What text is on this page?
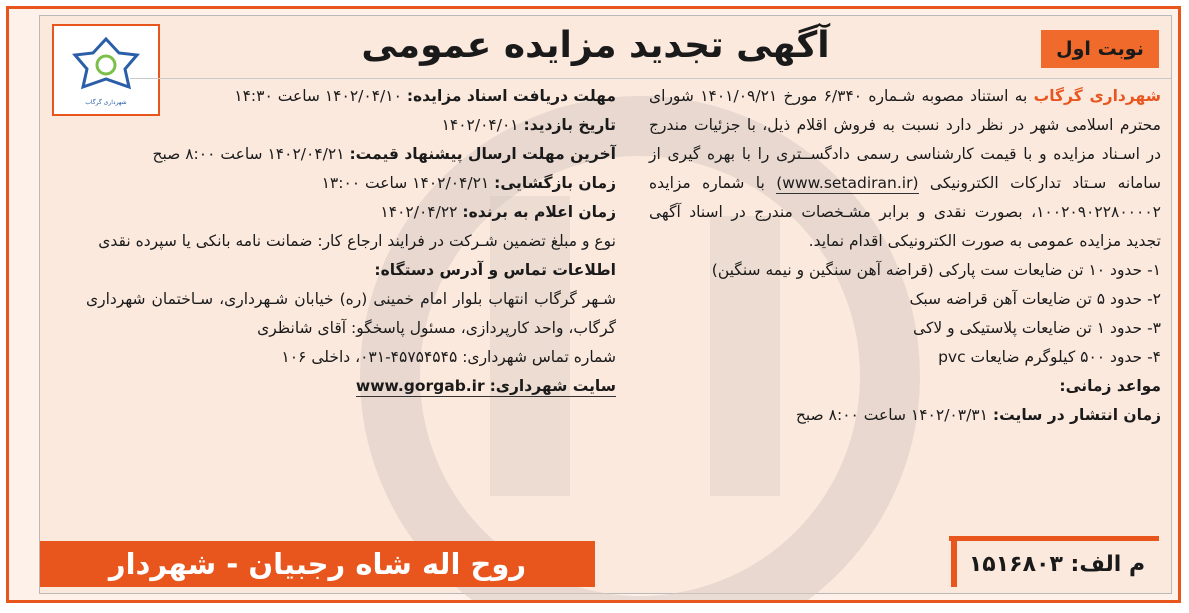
شهرداری گرگاب
آگهی تجدید مزایده عمومی	نوبت اول

شهرداری گرگاب به استناد مصوبه شـماره ۶/۳۴۰ مورخ ۱۴۰۱/۰۹/۲۱ شورای محترم اسلامی شهر در نظر دارد نسبت به فروش اقلام ذیل، با جزئیات مندرج در اسـناد مزایده و با قیمت کارشناسی رسمی دادگســتری را با بهره گیری از سامانه سـتاد تدارکات الکترونیکی (www.setadiran.ir) با شماره مزایده ۱۰۰۲۰۹۰۲۲۸۰۰۰۰۲، بصورت نقدی و برابر مشـخصات مندرج در اسناد آگهی تجدید مزایده عمومی به صورت الکترونیکی اقدام نماید.

۱- حدود ۱۰ تن ضایعات ست پارکی (قراضه آهن سنگین و نیمه سنگین)

۲- حدود ۵ تن ضایعات آهن قراضه سبک

۳- حدود ۱ تن ضایعات پلاستیکی و لاکی

۴- حدود ۵۰۰ کیلوگرم ضایعات pvc

مواعد زمانی:

زمان انتشار در سایت: ۱۴۰۲/۰۳/۳۱ ساعت ۸:۰۰ صبح

مهلت دریافت اسناد مزایده: ۱۴۰۲/۰۴/۱۰ ساعت ۱۴:۳۰

تاریخ بازدید: ۱۴۰۲/۰۴/۰۱

آخرین مهلت ارسال پیشنهاد قیمت: ۱۴۰۲/۰۴/۲۱ ساعت ۸:۰۰ صبح

زمان بازگشایی: ۱۴۰۲/۰۴/۲۱ ساعت ۱۳:۰۰

زمان اعلام به برنده: ۱۴۰۲/۰۴/۲۲

نوع و مبلغ تضمین شـرکت در فرایند ارجاع کار: ضمانت نامه بانکی یا سپرده نقدی

اطلاعات تماس و آدرس دستگاه:

شـهر گرگاب انتهاب بلوار امام خمینی (ره) خیابان شـهرداری، سـاختمان شهرداری گرگاب، واحد کارپردازی، مسئول پاسخگو: آقای شانظری

شماره تماس شهرداری: ۴۵۷۵۴۵۴۵-۰۳۱، داخلی ۱۰۶

سایت شهرداری: www.gorgab.ir

روح اله شاه رجبیان - شهردار	م الف: ۱۵۱۶۸۰۳
